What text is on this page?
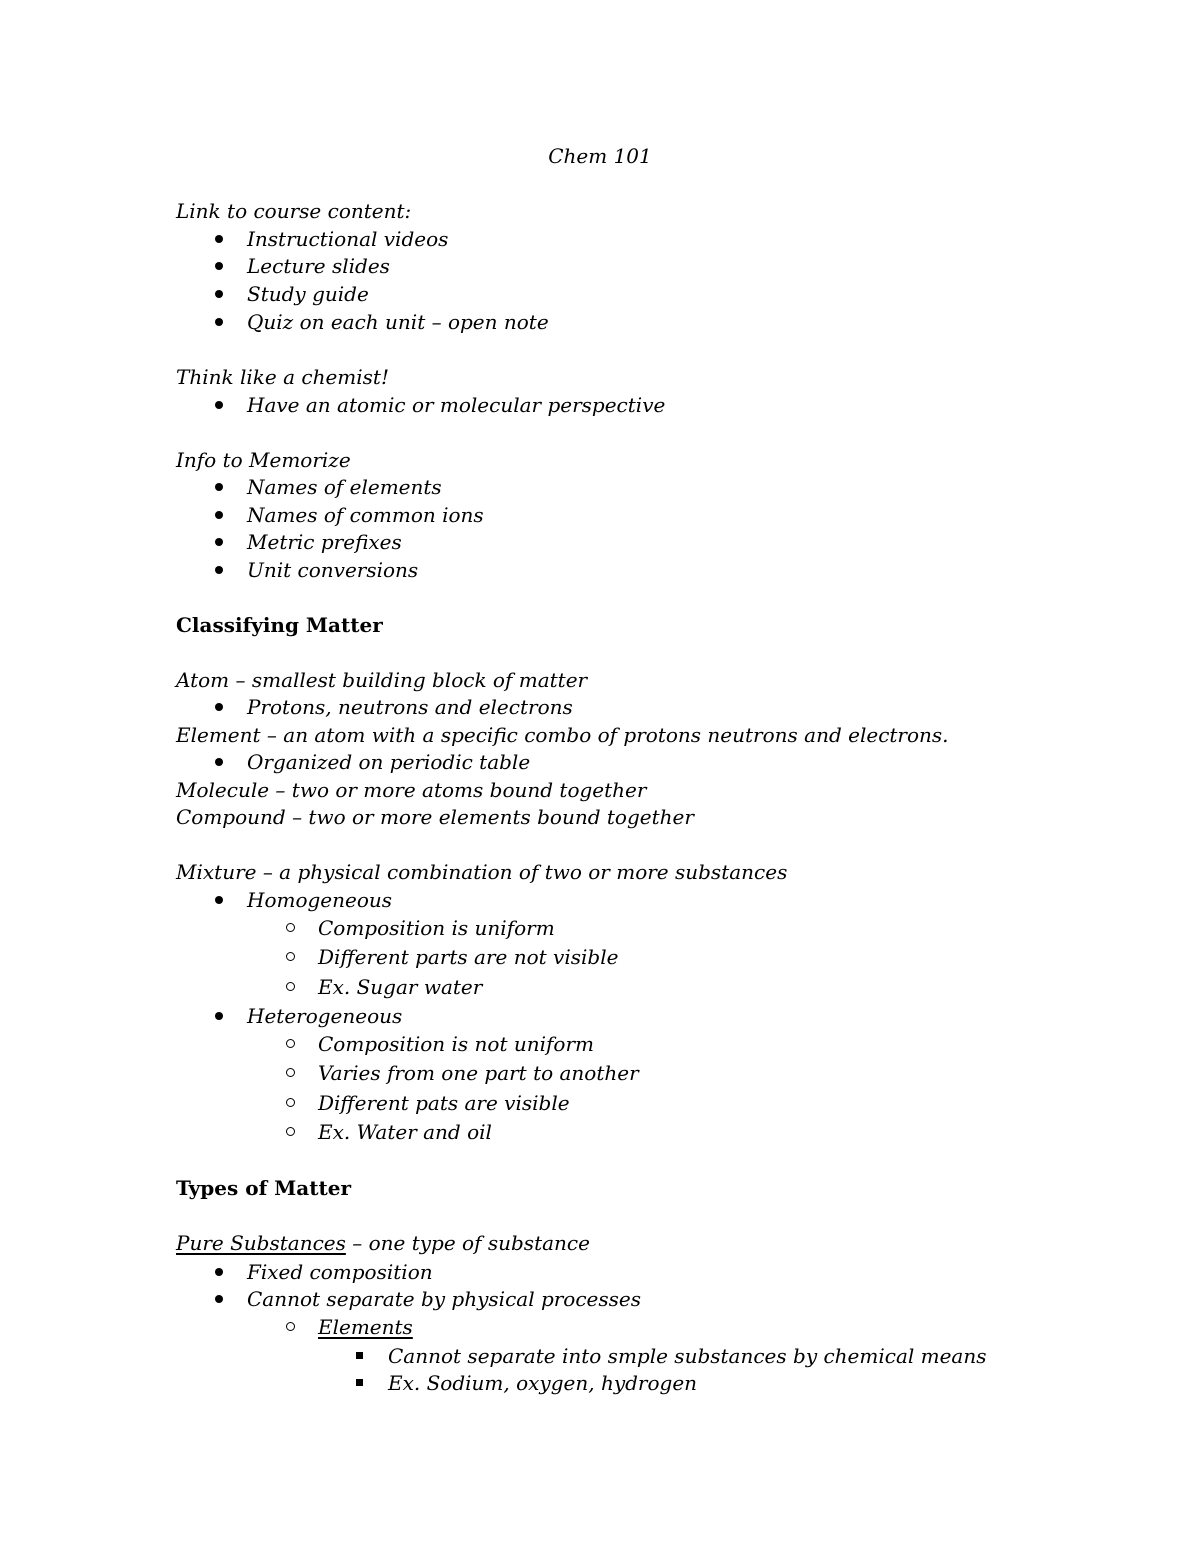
Chem 101
Link to course content:
Instructional videos
Lecture slides
Study guide
Quiz on each unit – open note
Think like a chemist!
Have an atomic or molecular perspective
Info to Memorize
Names of elements
Names of common ions
Metric prefixes
Unit conversions
Classifying Matter
Atom – smallest building block of matter
Protons, neutrons and electrons
Element – an atom with a specific combo of protons neutrons and electrons.
Organized on periodic table
Molecule – two or more atoms bound together
Compound – two or more elements bound together
Mixture – a physical combination of two or more substances
Homogeneous
Composition is uniform
Different parts are not visible
Ex. Sugar water
Heterogeneous
Composition is not uniform
Varies from one part to another
Different pats are visible
Ex. Water and oil
Types of Matter
Pure Substances – one type of substance
Fixed composition
Cannot separate by physical processes
Elements
Cannot separate into smple substances by chemical means
Ex. Sodium, oxygen, hydrogen
